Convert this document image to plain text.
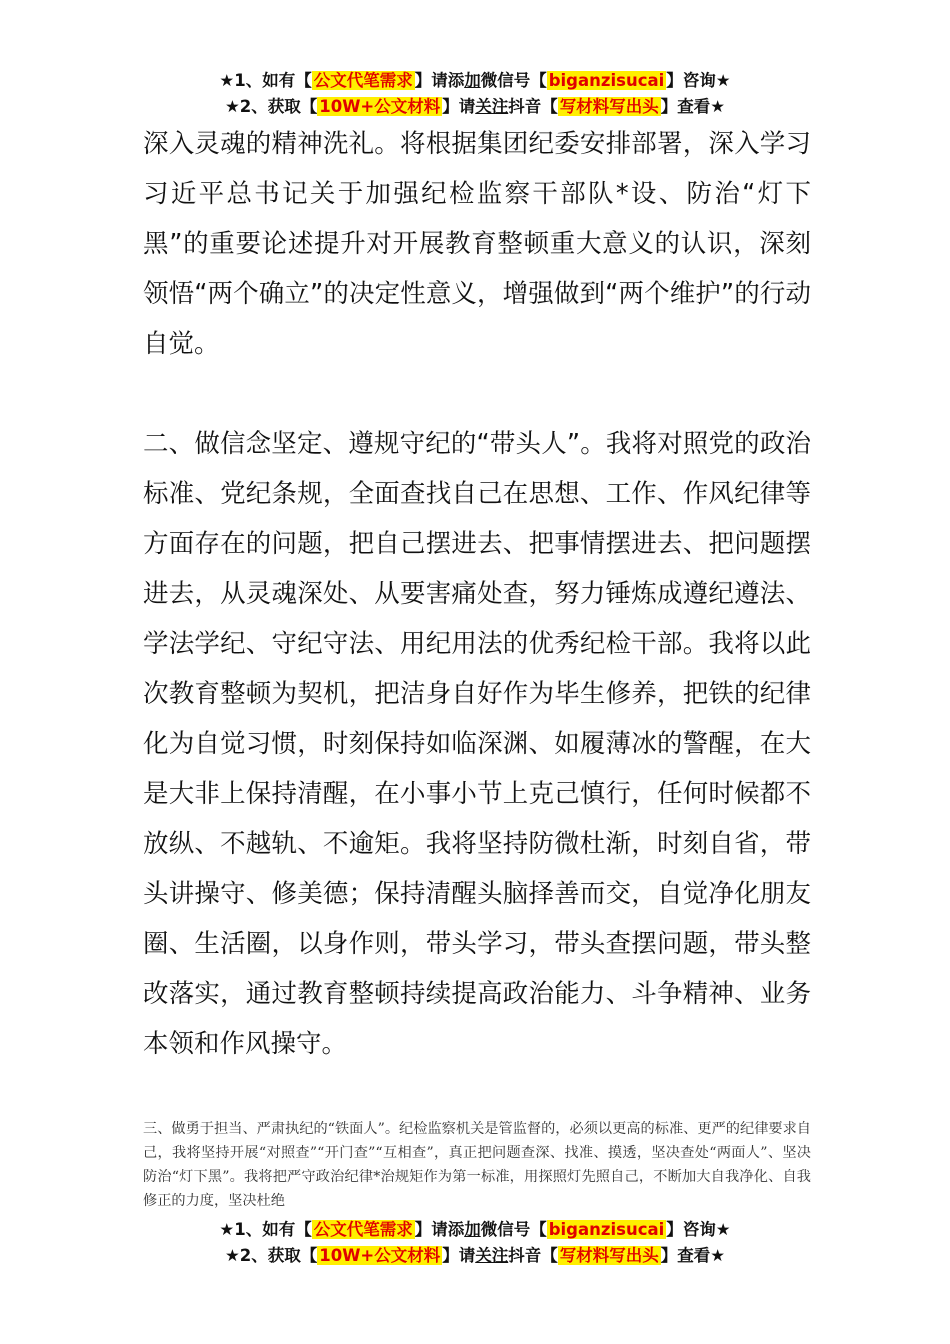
★1、如有【 公文代笔需求 】请添加微信号【 biganzisucai 】咨询★
★2、获取【 10W+公文材料 】请关注抖音【 写材料写出头 】查看★
深入灵魂的精神洗礼。将根据集团纪委安排部署，深入学习习近平总书记关于加强纪检监察干部队*设、防治“灯下黑”的重要论述提升对开展教育整顿重大意义的认识，深刻领悟“两个确立”的决定性意义，增强做到“两个维护”的行动自觉。
二、做信念坚定、遵规守纪的“带头人”。我将对照党的政治标准、党纪条规，全面查找自己在思想、工作、作风纪律等方面存在的问题，把自己摆进去、把事情摆进去、把问题摆进去，从灵魂深处、从要害痛处查，努力锤炼成遵纪遵法、学法学纪、守纪守法、用纪用法的优秀纪检干部。我将以此次教育整顿为契机，把洁身自好作为毕生修养，把铁的纪律化为自觉习惯，时刻保持如临深渊、如履薄冰的警醒，在大是大非上保持清醒，在小事小节上克己慎行，任何时候都不放纵、不越轨、不逾矩。我将坚持防微杜渐，时刻自省，带头讲操守、修美德；保持清醒头脑择善而交，自觉净化朋友圈、生活圈，以身作则，带头学习，带头查摆问题，带头整改落实，通过教育整顿持续提高政治能力、斗争精神、业务本领和作风操守。
三、做勇于担当、严肃执纪的“铁面人”。纪检监察机关是管监督的，必须以更高的标准、更严的纪律要求自己，我将坚持开展“对照查”“开门查”“互相查”，真正把问题查深、找准、摸透，坚决查处“两面人”、坚决防治“灯下黑”。我将把严守政治纪律*治规矩作为第一标准，用探照灯先照自己，不断加大自我净化、自我修正的力度，坚决杜绝
★1、如有【 公文代笔需求 】请添加微信号【 biganzisucai 】咨询★
★2、获取【 10W+公文材料 】请关注抖音【 写材料写出头 】查看★
